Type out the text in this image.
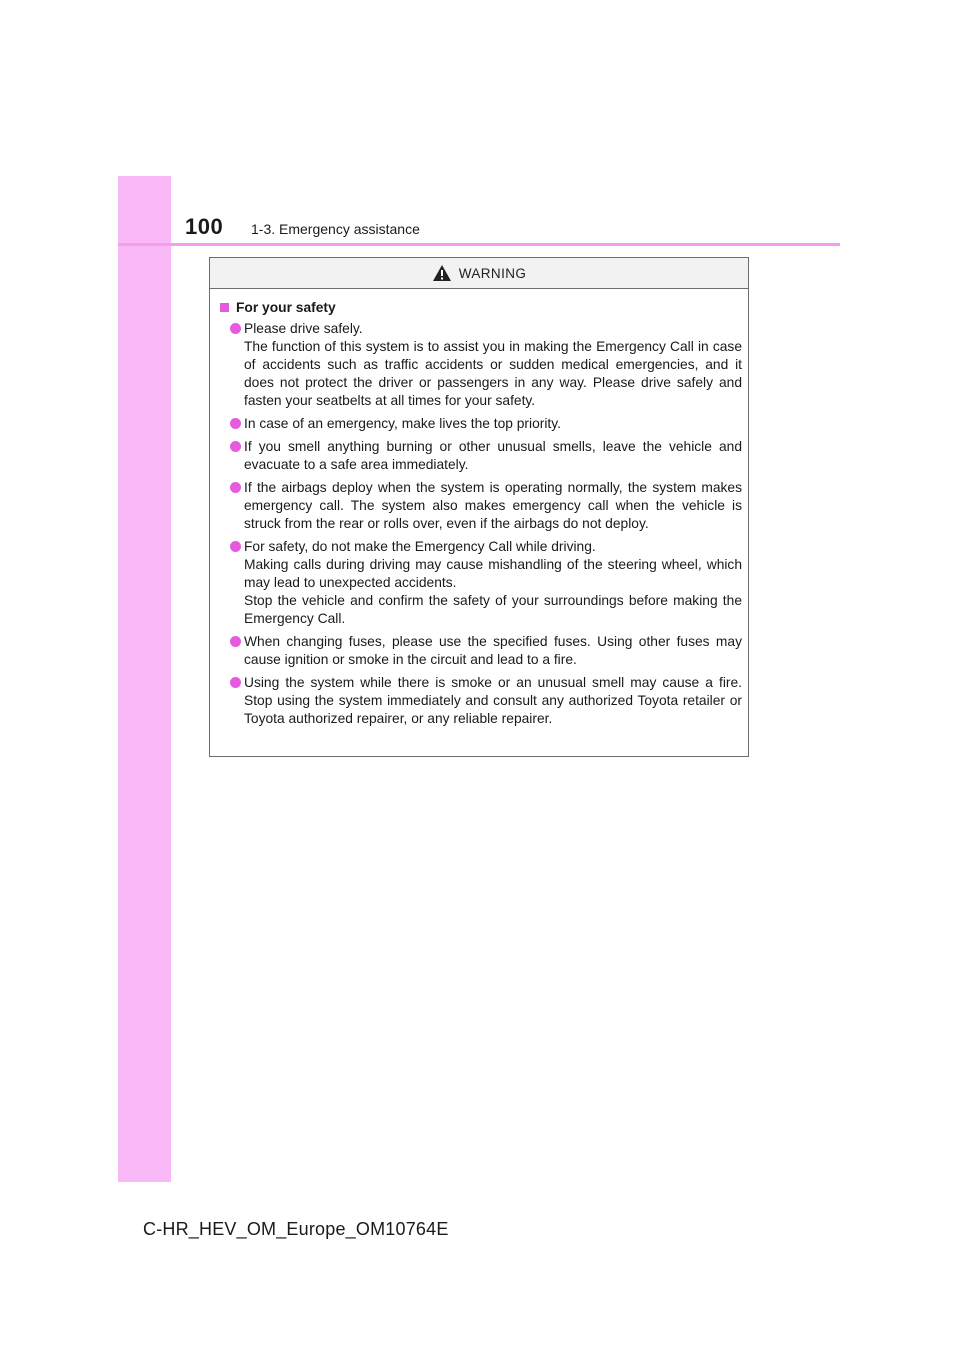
100 1-3. Emergency assistance
WARNING
For your safety

Please drive safely.

The function of this system is to assist you in making the Emergency Call in case of accidents such as traffic accidents or sudden medical emergencies, and it does not protect the driver or passengers in any way. Please drive safely and fasten your seatbelts at all times for your safety.

In case of an emergency, make lives the top priority.

If you smell anything burning or other unusual smells, leave the vehicle and evacuate to a safe area immediately.

If the airbags deploy when the system is operating normally, the system makes emergency call. The system also makes emergency call when the vehicle is struck from the rear or rolls over, even if the airbags do not deploy.

For safety, do not make the Emergency Call while driving.

Making calls during driving may cause mishandling of the steering wheel, which may lead to unexpected accidents.

Stop the vehicle and confirm the safety of your surroundings before making the Emergency Call.

When changing fuses, please use the specified fuses. Using other fuses may cause ignition or smoke in the circuit and lead to a fire.

Using the system while there is smoke or an unusual smell may cause a fire. Stop using the system immediately and consult any authorized Toyota retailer or Toyota authorized repairer, or any reliable repairer.

C-HR_HEV_OM_Europe_OM10764E
